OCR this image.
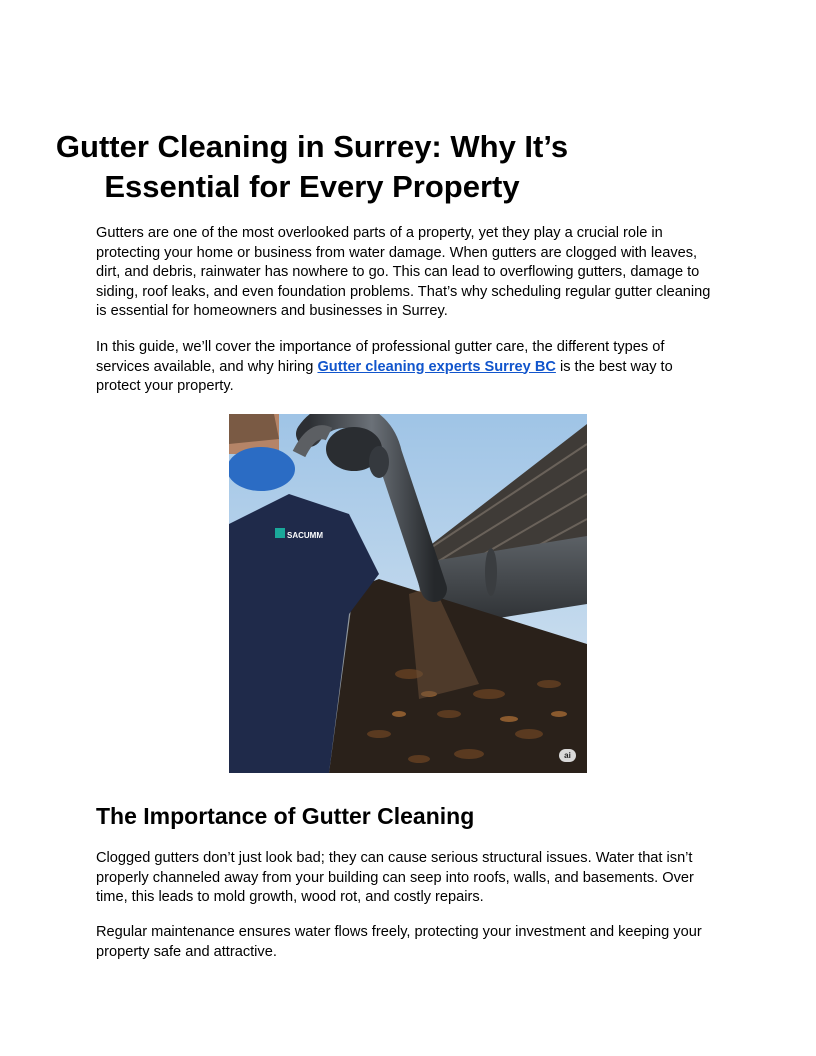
Gutter Cleaning in Surrey: Why It’s Essential for Every Property

Gutters are one of the most overlooked parts of a property, yet they play a crucial role in protecting your home or business from water damage. When gutters are clogged with leaves, dirt, and debris, rainwater has nowhere to go. This can lead to overflowing gutters, damage to siding, roof leaks, and even foundation problems. That’s why scheduling regular gutter cleaning is essential for homeowners and businesses in Surrey.

In this guide, we’ll cover the importance of professional gutter care, the different types of services available, and why hiring Gutter cleaning experts Surrey BC is the best way to protect your property.

The Importance of Gutter Cleaning

Clogged gutters don’t just look bad; they can cause serious structural issues. Water that isn’t properly channeled away from your building can seep into roofs, walls, and basements. Over time, this leads to mold growth, wood rot, and costly repairs.

Regular maintenance ensures water flows freely, protecting your investment and keeping your property safe and attractive.

SACUMM
ai
